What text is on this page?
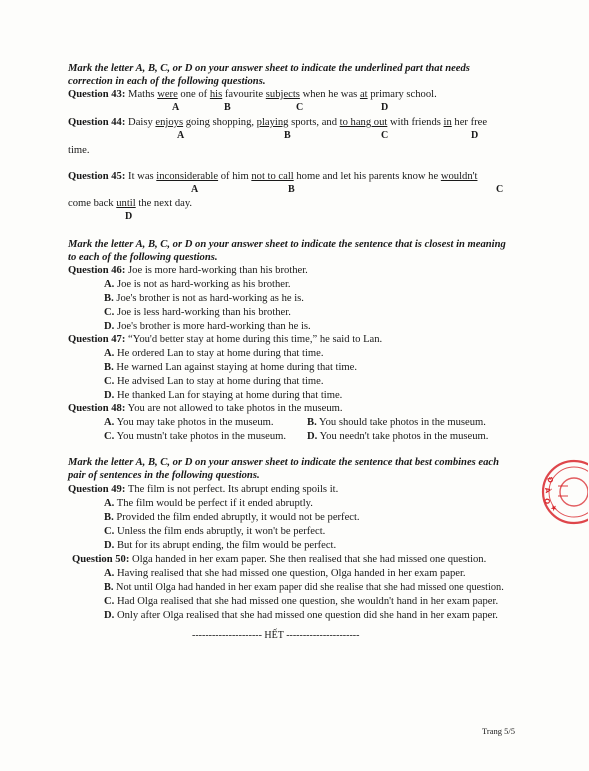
Mark the letter A, B, C, or D on your answer sheet to indicate the underlined part that needs
correction in each of the following questions.
Question 43: Maths were one of his favourite subjects when he was at primary school.
A	B	C	D
Question 44: Daisy enjoys going shopping, playing sports, and to hang out with friends in her free
A	B	C	D
time.
Question 45: It was inconsiderable of him not to call home and let his parents know he wouldn't
A	B	C
come back until the next day.
D
Mark the letter A, B, C, or D on your answer sheet to indicate the sentence that is closest in meaning
to each of the following questions.
Question 46: Joe is more hard-working than his brother.
A. Joe is not as hard-working as his brother.
B. Joe's brother is not as hard-working as he is.
C. Joe is less hard-working than his brother.
D. Joe's brother is more hard-working than he is.
Question 47: “You'd better stay at home during this time,” he said to Lan.
A. He ordered Lan to stay at home during that time.
B. He warned Lan against staying at home during that time.
C. He advised Lan to stay at home during that time.
D. He thanked Lan for staying at home during that time.
Question 48: You are not allowed to take photos in the museum.
A. You may take photos in the museum.	B. You should take photos in the museum.
C. You mustn't take photos in the museum. D. You needn't take photos in the museum.
Mark the letter A, B, C, or D on your answer sheet to indicate the sentence that best combines each
pair of sentences in the following questions.
Question 49: The film is not perfect. Its abrupt ending spoils it.
A. The film would be perfect if it ended abruptly.
B. Provided the film ended abruptly, it would not be perfect.
C. Unless the film ends abruptly, it won't be perfect.
D. But for its abrupt ending, the film would be perfect.
Question 50: Olga handed in her exam paper. She then realised that she had missed one question.
A. Having realised that she had missed one question, Olga handed in her exam paper.
B. Not until Olga had handed in her exam paper did she realise that she had missed one question.
C. Had Olga realised that she had missed one question, she wouldn't hand in her exam paper.
D. Only after Olga realised that she had missed one question did she hand in her exam paper.
--------------------- HẾT ----------------------
Trang 5/5
Đ
À
O
★
